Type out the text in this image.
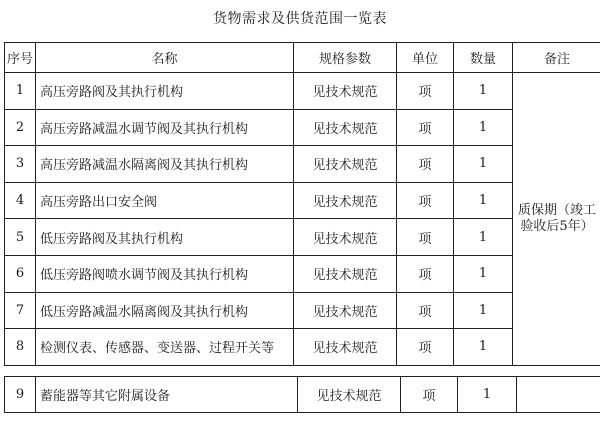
货物需求及供货范围一览表
序号	名称	规格参数	单位	数量	备注
1	高压旁路阀及其执行机构	见技术规范	项	1	质保期（竣工验收后5年）
2	高压旁路减温水调节阀及其执行机构	见技术规范	项	1	
3	高压旁路减温水隔离阀及其执行机构	见技术规范	项	1	
4	高压旁路出口安全阀	见技术规范	项	1	
5	低压旁路阀及其执行机构	见技术规范	项	1	
6	低压旁路阀喷水调节阀及其执行机构	见技术规范	项	1	
7	低压旁路减温水隔离阀及其执行机构	见技术规范	项	1	
8	检测仪表、传感器、变送器、过程开关等	见技术规范	项	1	
9	蓄能器等其它附属设备	见技术规范	项	1	
